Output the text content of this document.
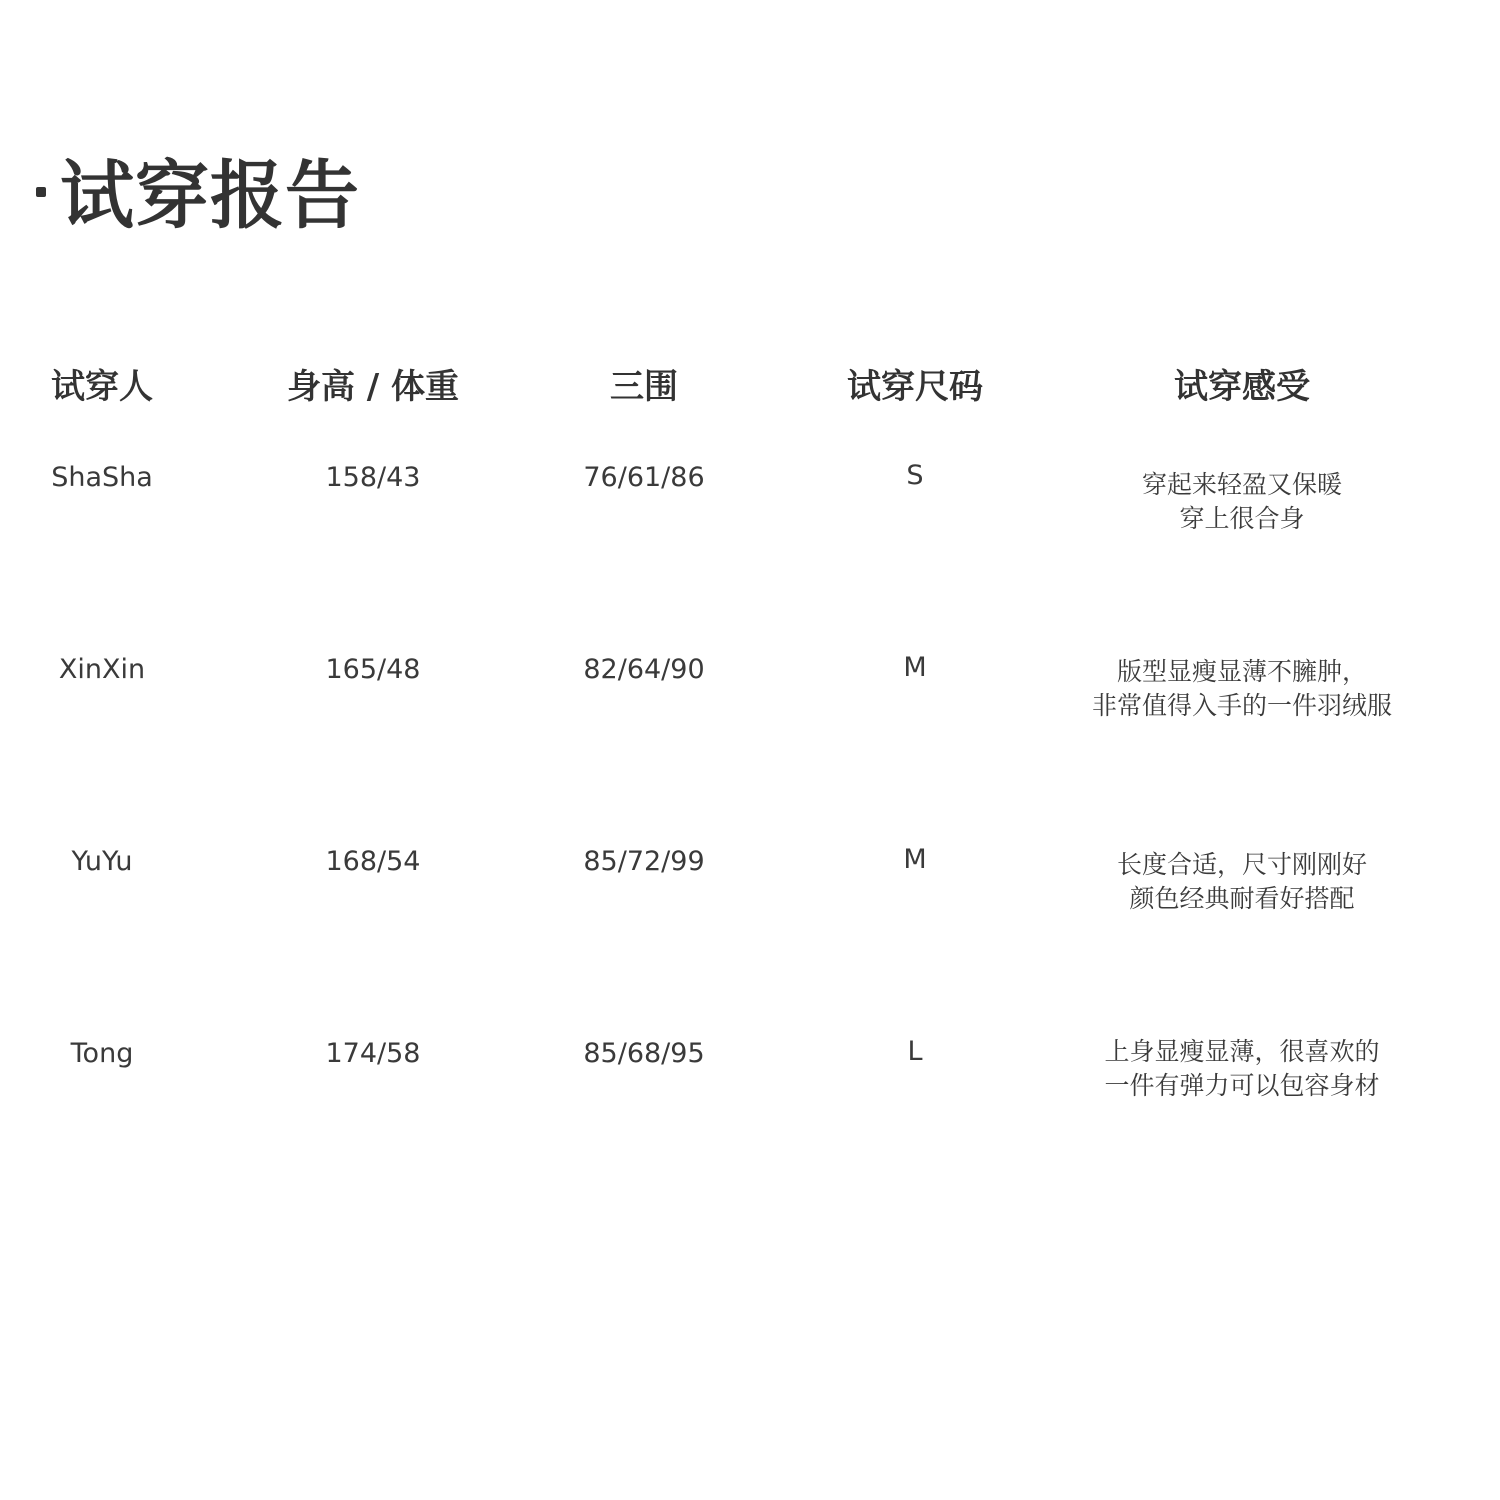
试穿报告
试穿人	身高 / 体重	三围	试穿尺码	试穿感受
ShaSha	158/43	76/61/86	S	穿起来轻盈又保暖
穿上很合身
XinXin	165/48	82/64/90	M	版型显瘦显薄不臃肿，
非常值得入手的一件羽绒服
YuYu	168/54	85/72/99	M	长度合适，尺寸刚刚好
颜色经典耐看好搭配
Tong	174/58	85/68/95	L	上身显瘦显薄，很喜欢的
一件有弹力可以包容身材
